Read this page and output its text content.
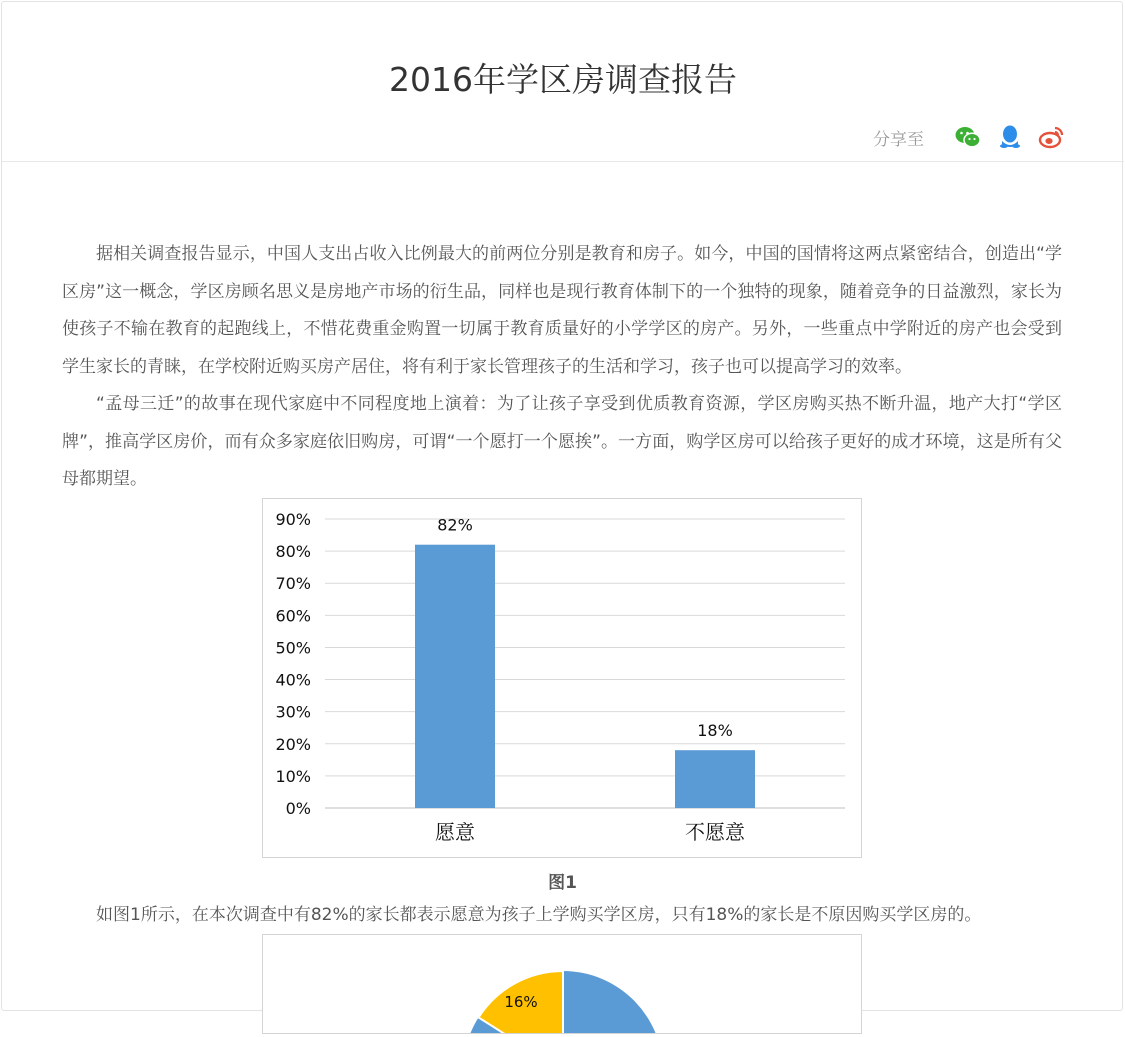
2016年学区房调查报告
分享至

据相关调查报告显示，中国人支出占收入比例最大的前两位分别是教育和房子。如今，中国的国情将这两点紧密结合，创造出“学区房”这一概念，学区房顾名思义是房地产市场的衍生品，同样也是现行教育体制下的一个独特的现象，随着竞争的日益激烈，家长为使孩子不输在教育的起跑线上，不惜花费重金购置一切属于教育质量好的小学学区的房产。另外，一些重点中学附近的房产也会受到学生家长的青睐，在学校附近购买房产居住，将有利于家长管理孩子的生活和学习，孩子也可以提高学习的效率。

“孟母三迁”的故事在现代家庭中不同程度地上演着：为了让孩子享受到优质教育资源，学区房购买热不断升温，地产大打“学区牌”，推高学区房价，而有众多家庭依旧购房，可谓“一个愿打一个愿挨”。一方面，购学区房可以给孩子更好的成才环境，这是所有父母都期望。

0%
10%
20%
30%
40%
50%
60%
70%
80%
90%	82%
愿意
18%
不愿意
图1

如图1所示，在本次调查中有82%的家长都表示愿意为孩子上学购买学区房，只有18%的家长是不原因购买学区房的。

16%
